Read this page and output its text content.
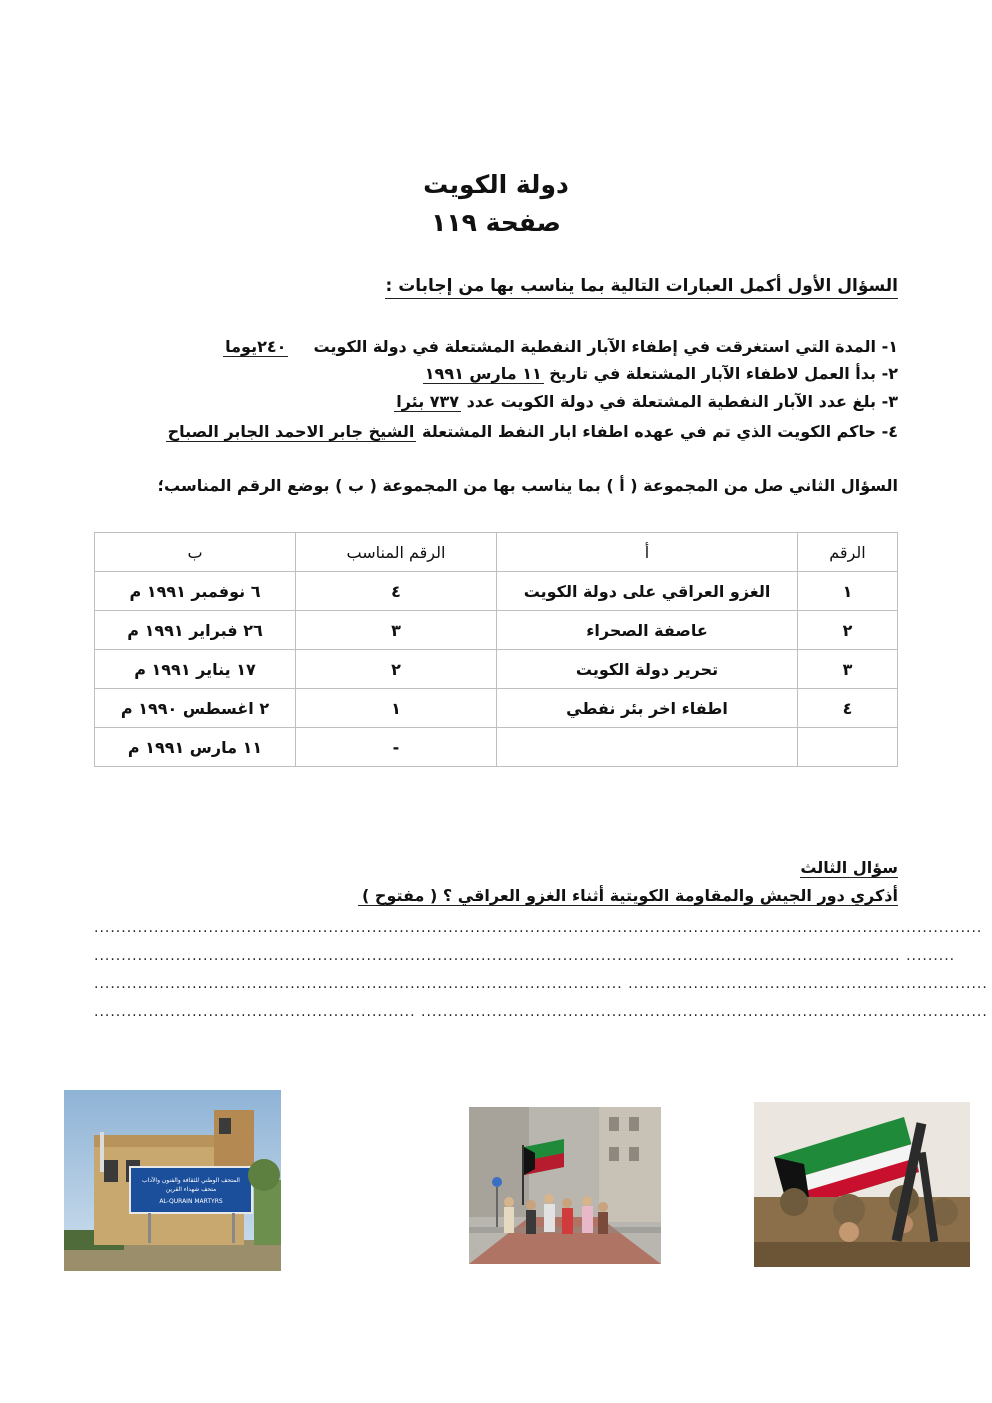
دولة الكويت
صفحة ١١٩
السؤال الأول أكمل العبارات التالية بما يناسب بها من إجابات :
١- المدة التي استغرقت في إطفاء الآبار النفطية المشتعلة في دولة الكويت  ٢٤٠يوما
٢- بدأ العمل لاطفاء الآبار المشتعلة في تاريخ ١١ مارس ١٩٩١
٣- بلغ عدد الآبار النفطية المشتعلة في دولة الكويت عدد ٧٣٧ بئرا
٤- حاكم الكويت الذي تم في عهده اطفاء ابار النفط المشتعلة الشيخ جابر الاحمد الجابر الصباح
السؤال الثاني صل من المجموعة ( أ ) بما يناسب بها من المجموعة ( ب ) بوضع الرقم المناسب؛
الرقم	أ	الرقم المناسب	ب
١	الغزو العراقي على دولة الكويت	٤	٦ نوفمبر ١٩٩١ م
٢	عاصفة الصحراء	٣	٢٦ فبراير ١٩٩١ م
٣	تحرير دولة الكويت	٢	١٧ يناير ١٩٩١ م
٤	اطفاء اخر بئر نفطي	١	٢ اغسطس ١٩٩٠ م
		-	١١ مارس ١٩٩١ م
سؤال الثالث
أذكري دور الجيش والمقاومة الكويتية أثناء الغزو العراقي ؟ ( مفتوح )
...................................................................................................................................................................
.................................................................................................................................................... .........
................................................................................................. ..................................................................
........................................................... ........................................................................................................
المتحف الوطني للثقافة والفنون والآداب متحف شهداء القرين
AL-QURAIN MARTYRS
